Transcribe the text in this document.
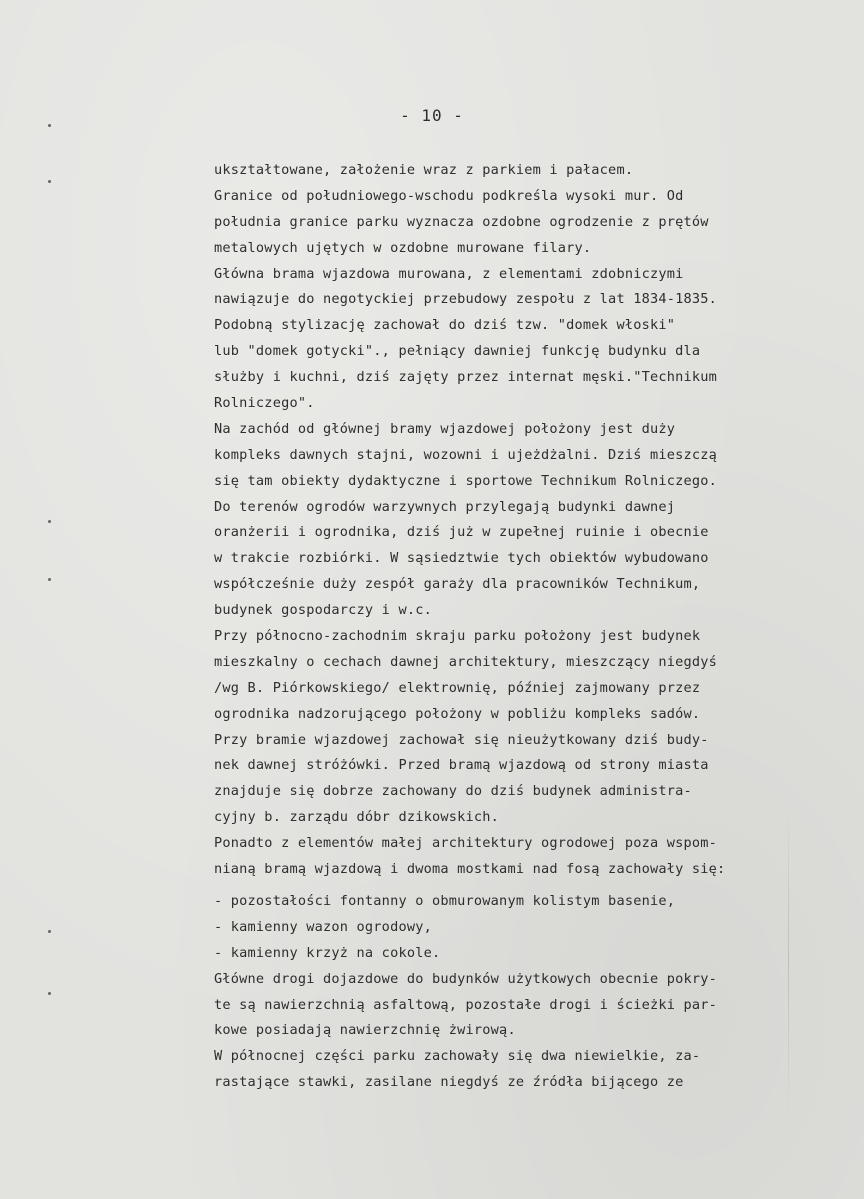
- 10 -
ukształtowane, założenie wraz z parkiem i pałacem.
Granice od południowego-wschodu podkreśla wysoki mur. Od
południa granice parku wyznacza ozdobne ogrodzenie z prętów
metalowych ujętych w ozdobne murowane filary.
Główna brama wjazdowa murowana, z elementami zdobniczymi
nawiązuje do negotyckiej przebudowy zespołu z lat 1834-1835.
Podobną stylizację zachował do dziś tzw. "domek włoski"
lub "domek gotycki"., pełniący dawniej funkcję budynku dla
służby i kuchni, dziś zajęty przez internat męski."Technikum
Rolniczego".
Na zachód od głównej bramy wjazdowej położony jest duży
kompleks dawnych stajni, wozowni i ujeżdżalni. Dziś mieszczą
się tam obiekty dydaktyczne i sportowe Technikum Rolniczego.
Do terenów ogrodów warzywnych przylegają budynki dawnej
oranżerii i ogrodnika, dziś już w zupełnej ruinie i obecnie
w trakcie rozbiórki. W sąsiedztwie tych obiektów wybudowano
współcześnie duży zespół garaży dla pracowników Technikum,
budynek gospodarczy i w.c.
Przy północno-zachodnim skraju parku położony jest budynek
mieszkalny o cechach dawnej architektury, mieszczący niegdyś
/wg B. Piórkowskiego/ elektrownię, później zajmowany przez
ogrodnika nadzorującego położony w pobliżu kompleks sadów.
Przy bramie wjazdowej zachował się nieużytkowany dziś budy-
nek dawnej stróżówki. Przed bramą wjazdową od strony miasta
znajduje się dobrze zachowany do dziś budynek administra-
cyjny b. zarządu dóbr dzikowskich.
Ponadto z elementów małej architektury ogrodowej poza wspom-
nianą bramą wjazdową i dwoma mostkami nad fosą zachowały się:
- pozostałości fontanny o obmurowanym kolistym basenie,
- kamienny wazon ogrodowy,
- kamienny krzyż na cokole.
Główne drogi dojazdowe do budynków użytkowych obecnie pokry-
te są nawierzchnią asfaltową, pozostałe drogi i ścieżki par-
kowe posiadają nawierzchnię żwirową.
W północnej części parku zachowały się dwa niewielkie, za-
rastające stawki, zasilane niegdyś ze źródła bijącego ze
